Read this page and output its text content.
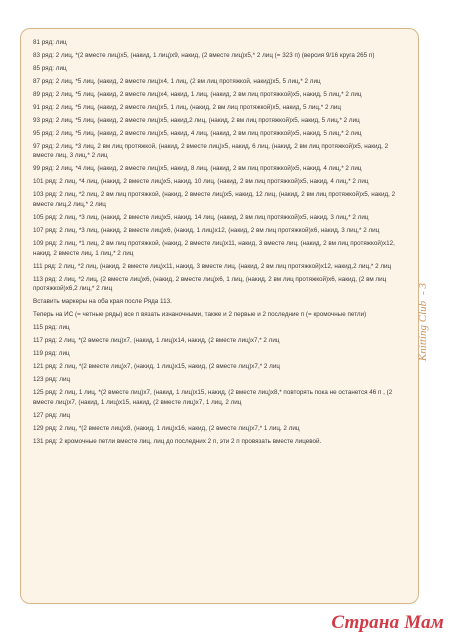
81 ряд: лиц

83 ряд: 2 лиц, *(2 вместе лиц)х5, (накид, 1 лиц)х9, накид, (2 вместе лиц)х5,* 2 лиц (= 323 п) (версия 9/16 круга 265 п)

85 ряд: лиц

87 ряд: 2 лиц, *5 лиц, (накид, 2 вместе лиц)х4, 1 лиц, (2 вм лиц протяжкой, накид)х5, 5 лиц,* 2 лиц

89 ряд: 2 лиц, *5 лиц, (накид, 2 вместе лиц)х4, накид, 1 лиц, (накид, 2 вм лиц протяжкой)х5, накид, 5 лиц,* 2 лиц

91 ряд: 2 лиц, *5 лиц, (накид, 2 вместе лиц)х5, 1 лиц, (накид, 2 вм лиц протяжкой)х5, накид, 5 лиц,* 2 лиц

93 ряд: 2 лиц, *5 лиц, (накид, 2 вместе лиц)х5, накид,2 лиц, (накид, 2 вм лиц протяжкой)х5, накид, 5 лиц,* 2 лиц

95 ряд: 2 лиц, *5 лиц, (накид, 2 вместе лиц)х5, накид, 4 лиц, (накид, 2 вм лиц протяжкой)х5, накид, 5 лиц,* 2 лиц

97 ряд: 2 лиц, *3 лиц, 2 вм лиц протяжкой, (накид, 2 вместе лиц)х5, накид, 6 лиц, (накид, 2 вм лиц протяжкой)х5, накид, 2 вместе лиц, 3 лиц,* 2 лиц

99 ряд: 2 лиц, *4 лиц, (накид, 2 вместе лиц)х5, накид, 8 лиц, (накид, 2 вм лиц протяжкой)х5, накид, 4 лиц,* 2 лиц

101 ряд: 2 лиц, *4 лиц, (накид, 2 вместе лиц)х5, накид, 10 лиц, (накид, 2 вм лиц протяжкой)х5, накид, 4 лиц,* 2 лиц

103 ряд: 2 лиц, *2 лиц, 2 вм лиц протяжкой, (накид, 2 вместе лиц)х5, накид, 12 лиц, (накид, 2 вм лиц протяжкой)х5, накид, 2 вместе лиц,2 лиц,* 2 лиц

105 ряд: 2 лиц, *3 лиц, (накид, 2 вместе лиц)х5, накид, 14 лиц, (накид, 2 вм лиц протяжкой)х5, накид, 3 лиц,* 2 лиц

107 ряд: 2 лиц, *3 лиц, (накид, 2 вместе лиц)х6, (накид, 1 лиц)х12, (накид, 2 вм лиц протяжкой)х6, накид, 3 лиц,* 2 лиц

109 ряд: 2 лиц, *1 лиц, 2 вм лиц протяжкой, (накид, 2 вместе лиц)х11, накид, 3 вместе лиц, (накид, 2 вм лиц протяжкой)х12, накид, 2 вместе лиц, 1 лиц,* 2 лиц

111 ряд: 2 лиц, *2 лиц, (накид, 2 вместе лиц)х11, накид, 3 вместе лиц, (накид, 2 вм лиц протяжкой)х12, накид,2 лиц,* 2 лиц

113 ряд: 2 лиц, *2 лиц, (2 вместе лиц)х6, (накид, 2 вместе лиц)х6, 1 лиц, (накид, 2 вм лиц протяжкой)х6, накид, (2 вм лиц протяжкой)х6,2 лиц,* 2 лиц

Вставить маркеры на оба края после Ряда 113.

Теперь на ИС (= четные ряды) все п вязать изнаночными, также и 2 первые и 2 последние п (= кромочные петли)

115 ряд: лиц

117 ряд: 2 лиц, *(2 вместе лиц)х7, (накид, 1 лиц)х14, накид, (2 вместе лиц)х7,* 2 лиц

119 ряд: лиц

121 ряд: 2 лиц, *(2 вместе лиц)х7, (накид, 1 лиц)х15, накид, (2 вместе лиц)х7,* 2 лиц

123 ряд: лиц

125 ряд: 2 лиц, 1 лиц, *(2 вместе лиц)х7, (накид, 1 лиц)х15, накид, (2 вместе лиц)х8,* повторять пока не останется 46 п , (2 вместе лиц)х7, (накид, 1 лиц)х15, накид, (2 вместе лиц)х7, 1 лиц, 2 лиц

127 ряд: лиц

129 ряд: 2 лиц, *(2 вместе лиц)х8, (накид, 1 лиц)х16, накид, (2 вместе лиц)х7,* 1 лиц, 2 лиц

131 ряд: 2 кромочные петли вместе лиц, лиц до последних 2 п, эти 2 п провязать вместе лицевой.

Knitting Club- 3
Страна Мам
